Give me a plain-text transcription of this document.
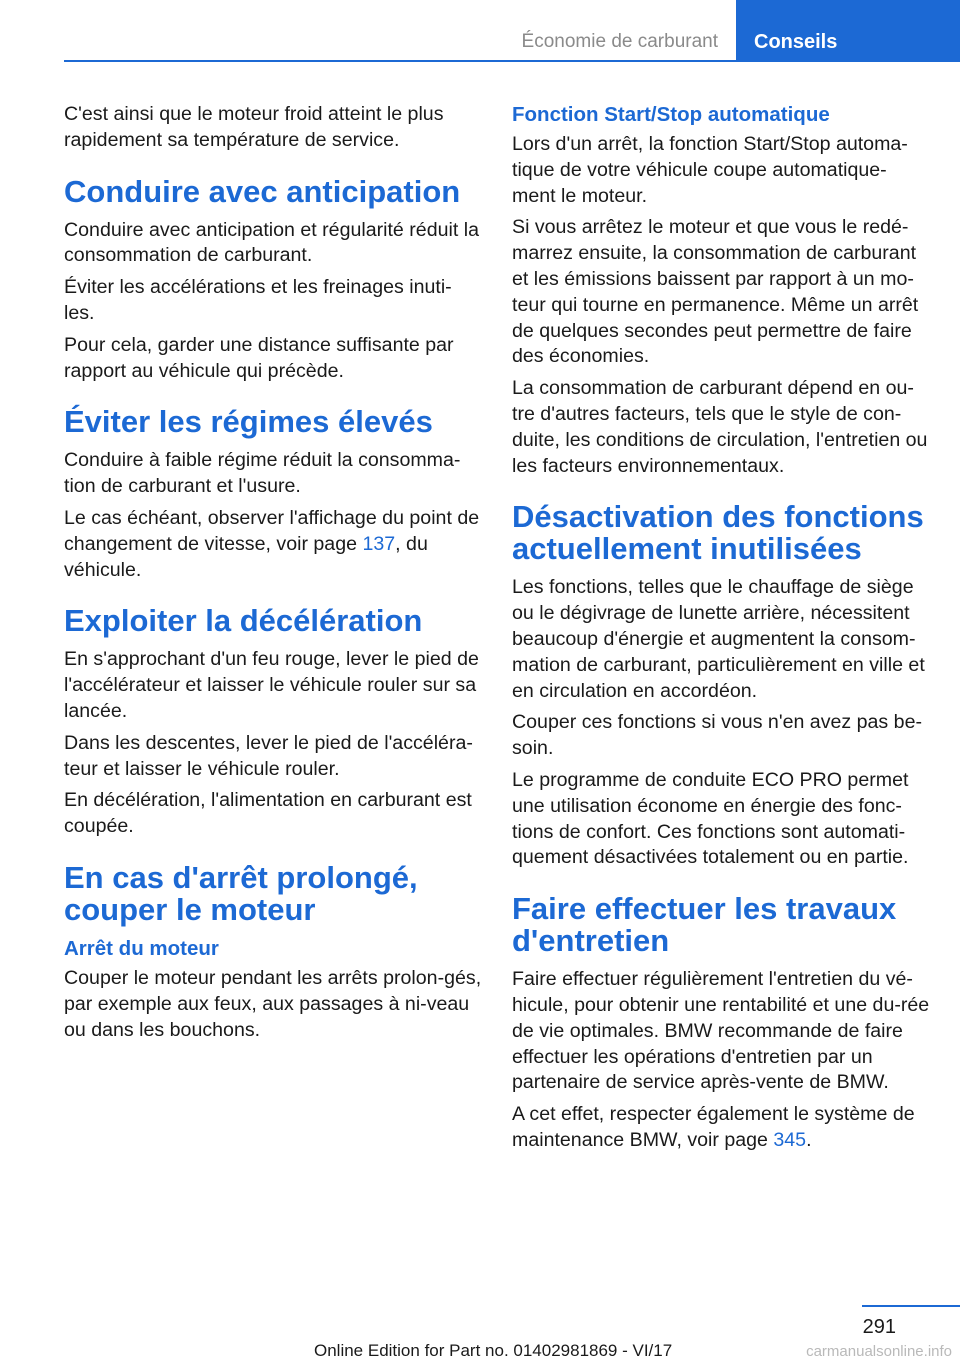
Économie de carburant	Conseils

C'est ainsi que le moteur froid atteint le plus rapidement sa température de service.

Conduire avec anticipation

Conduire avec anticipation et régularité réduit la consommation de carburant.

Éviter les accélérations et les freinages inuti-les.

Pour cela, garder une distance suffisante par rapport au véhicule qui précède.

Éviter les régimes élevés

Conduire à faible régime réduit la consomma-tion de carburant et l'usure.

Le cas échéant, observer l'affichage du point de changement de vitesse, voir page 137, du véhicule.

Exploiter la décélération

En s'approchant d'un feu rouge, lever le pied de l'accélérateur et laisser le véhicule rouler sur sa lancée.

Dans les descentes, lever le pied de l'accéléra-teur et laisser le véhicule rouler.

En décélération, l'alimentation en carburant est coupée.

En cas d'arrêt prolongé, couper le moteur
Arrêt du moteur

Couper le moteur pendant les arrêts prolon-gés, par exemple aux feux, aux passages à ni-veau ou dans les bouchons.

Fonction Start/Stop automatique

Lors d'un arrêt, la fonction Start/Stop automa-tique de votre véhicule coupe automatique-ment le moteur.

Si vous arrêtez le moteur et que vous le redé-marrez ensuite, la consommation de carburant et les émissions baissent par rapport à un mo-teur qui tourne en permanence. Même un arrêt de quelques secondes peut permettre de faire des économies.

La consommation de carburant dépend en ou-tre d'autres facteurs, tels que le style de con-duite, les conditions de circulation, l'entretien ou les facteurs environnementaux.

Désactivation des fonctions actuellement inutilisées

Les fonctions, telles que le chauffage de siège ou le dégivrage de lunette arrière, nécessitent beaucoup d'énergie et augmentent la consom-mation de carburant, particulièrement en ville et en circulation en accordéon.

Couper ces fonctions si vous n'en avez pas be-soin.

Le programme de conduite ECO PRO permet une utilisation économe en énergie des fonc-tions de confort. Ces fonctions sont automati-quement désactivées totalement ou en partie.

Faire effectuer les travaux d'entretien

Faire effectuer régulièrement l'entretien du vé-hicule, pour obtenir une rentabilité et une du-rée de vie optimales. BMW recommande de faire effectuer les opérations d'entretien par un partenaire de service après-vente de BMW.

A cet effet, respecter également le système de maintenance BMW, voir page 345.

291
Online Edition for Part no. 01402981869 - VI/17	carmanualsonline.info
